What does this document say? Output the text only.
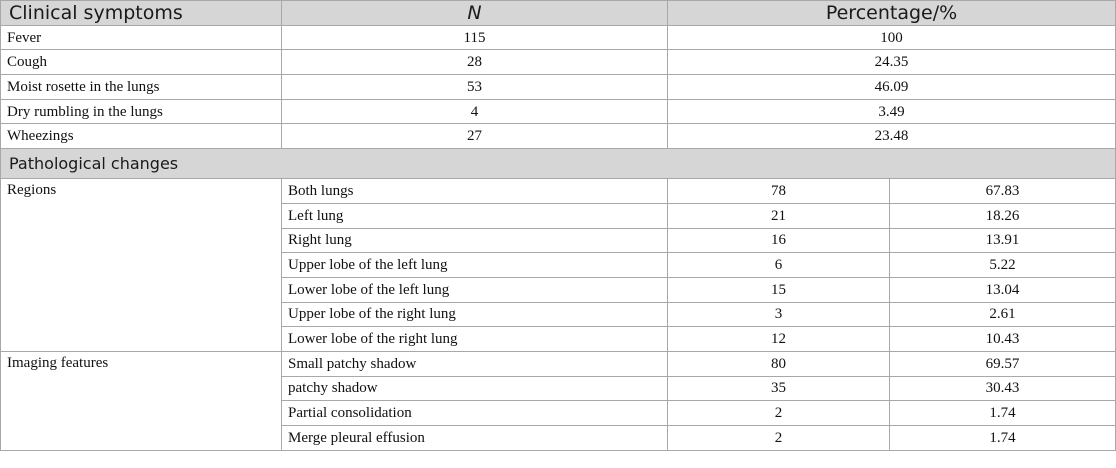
Clinical symptoms	N	Percentage/%	
Fever	115	100	
Cough	28	24.35	
Moist rosette in the lungs	53	46.09	
Dry rumbling in the lungs	4	3.49	
Wheezings	27	23.48	
Pathological changes			
Regions	Both lungs	78	67.83
	Left lung	21	18.26
	Right lung	16	13.91
	Upper lobe of the left lung	6	5.22
	Lower lobe of the left lung	15	13.04
	Upper lobe of the right lung	3	2.61
	Lower lobe of the right lung	12	10.43
Imaging features	Small patchy shadow	80	69.57
	patchy shadow	35	30.43
	Partial consolidation	2	1.74
	Merge pleural effusion	2	1.74
